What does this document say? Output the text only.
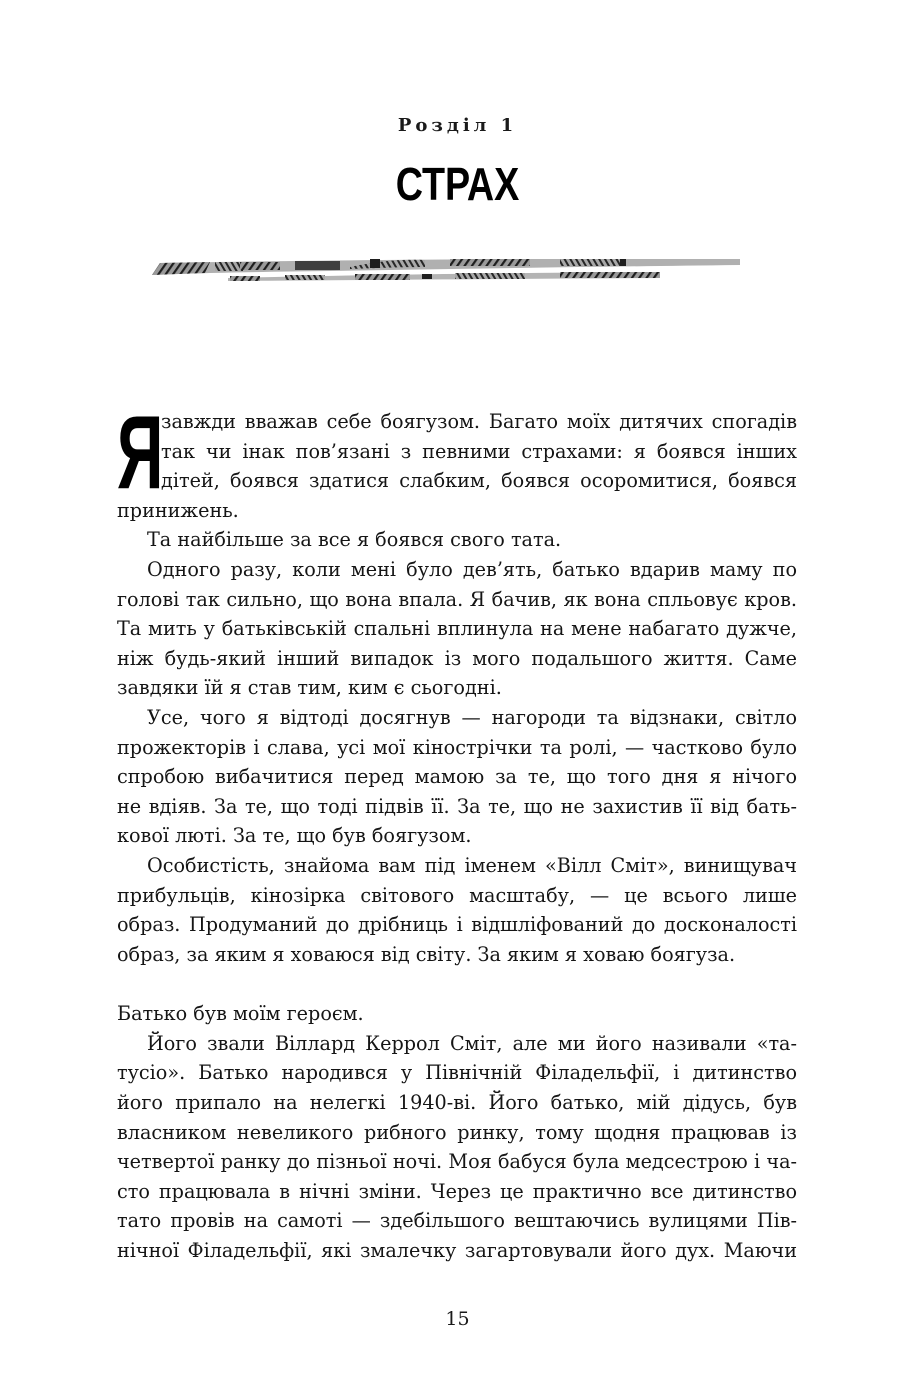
Розділ 1
СТРАХ
Я
завжди вважав себе боягузом. Багато моїх дитячих спогадів
так чи інак пов’язані з певними страхами: я боявся інших
дітей, боявся здатися слабким, боявся осоромитися, боявся
принижень.
Та найбільше за все я боявся свого тата.
Одного разу, коли мені було дев’ять, батько вдарив маму по
голові так сильно, що вона впала. Я бачив, як вона спльовує кров.
Та мить у батьківській спальні вплинула на мене набагато дужче,
ніж будь-який інший випадок із мого подальшого життя. Саме
завдяки їй я став тим, ким є сьогодні.
Усе, чого я відтоді досягнув — нагороди та відзнаки, світло
прожекторів і слава, усі мої кінострічки та ролі, — частково було
спробою вибачитися перед мамою за те, що того дня я нічого
не вдіяв. За те, що тоді підвів її. За те, що не захистив її від бать-
кової люті. За те, що був боягузом.
Особистість, знайома вам під іменем «Вілл Сміт», винищувач
прибульців, кінозірка світового масштабу, — це всього лише
образ. Продуманий до дрібниць і відшліфований до досконалості
образ, за яким я ховаюся від світу. За яким я ховаю боягуза.
Батько був моїм героєм.
Його звали Віллард Керрол Сміт, але ми його називали «та-
тусіо». Батько народився у Північній Філадельфії, і дитинство
його припало на нелегкі 1940-ві. Його батько, мій дідусь, був
власником невеликого рибного ринку, тому щодня працював із
четвертої ранку до пізньої ночі. Моя бабуся була медсестрою і ча-
сто працювала в нічні зміни. Через це практично все дитинство
тато провів на самоті — здебільшого вештаючись вулицями Пів-
нічної Філадельфії, які змалечку загартовували його дух. Маючи
15
